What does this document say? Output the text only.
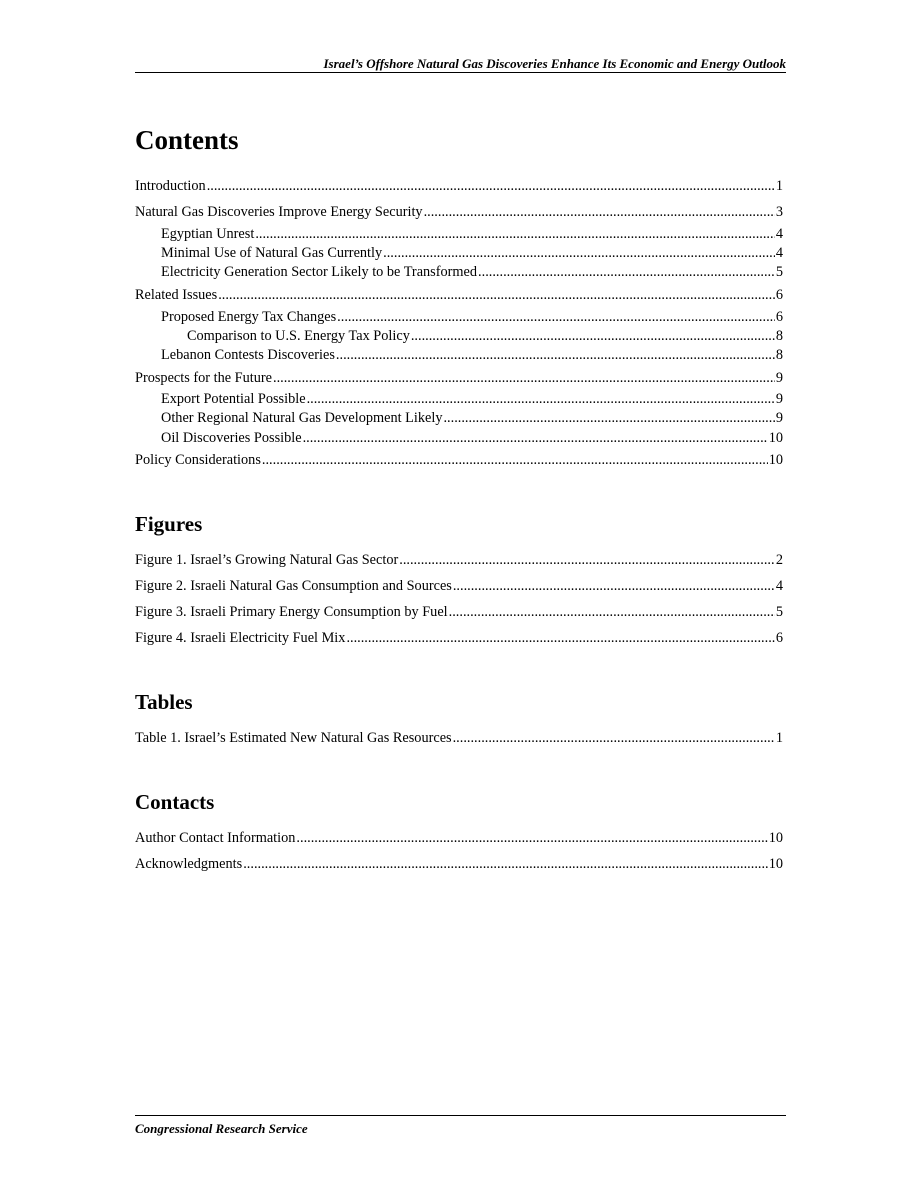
Israel’s Offshore Natural Gas Discoveries Enhance Its Economic and Energy Outlook
Contents
Introduction .....	1
Natural Gas Discoveries Improve Energy Security .....	3
Egyptian Unrest .....	4
Minimal Use of Natural Gas Currently .....	4
Electricity Generation Sector Likely to be Transformed .....	5
Related Issues .....	6
Proposed Energy Tax Changes .....	6
Comparison to U.S. Energy Tax Policy .....	8
Lebanon Contests Discoveries .....	8
Prospects for the Future .....	9
Export Potential Possible .....	9
Other Regional Natural Gas Development Likely .....	9
Oil Discoveries Possible .....	10
Policy Considerations .....	10
Figures
Figure 1. Israel’s Growing Natural Gas Sector .....	2
Figure 2. Israeli Natural Gas Consumption and Sources .....	4
Figure 3. Israeli Primary Energy Consumption by Fuel .....	5
Figure 4. Israeli Electricity Fuel Mix .....	6
Tables
Table 1. Israel’s Estimated New Natural Gas Resources .....	1
Contacts
Author Contact Information .....	10
Acknowledgments .....	10
Congressional Research Service
